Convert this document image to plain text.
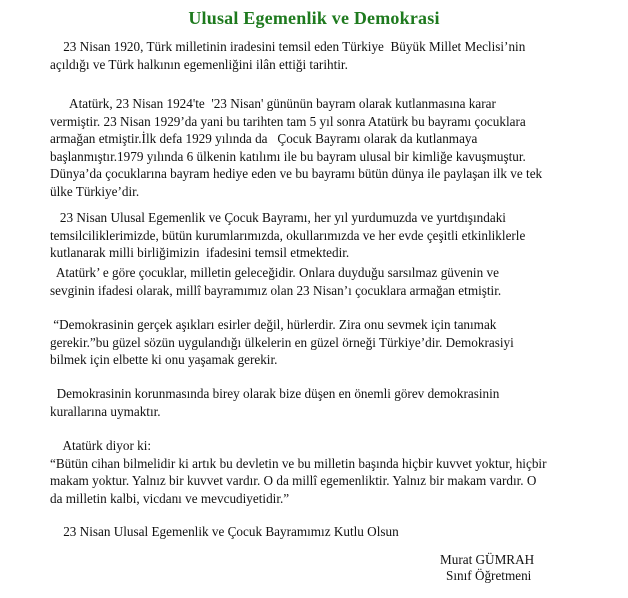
Ulusal Egemenlik ve Demokrasi

23 Nisan 1920, Türk milletinin iradesini temsil eden Türkiye  Büyük Millet Meclisi’nin
açıldığı ve Türk halkının egemenliğini ilân ettiği tarihtir.

Atatürk, 23 Nisan 1924'te  '23 Nisan' gününün bayram olarak kutlanmasına karar
vermiştir. 23 Nisan 1929’da yani bu tarihten tam 5 yıl sonra Atatürk bu bayramı çocuklara
armağan etmiştir.İlk defa 1929 yılında da   Çocuk Bayramı olarak da kutlanmaya
başlanmıştır.1979 yılında 6 ülkenin katılımı ile bu bayram ulusal bir kimliğe kavuşmuştur.
Dünya’da çocuklarına bayram hediye eden ve bu bayramı bütün dünya ile paylaşan ilk ve tek
ülke Türkiye’dir.

23 Nisan Ulusal Egemenlik ve Çocuk Bayramı, her yıl yurdumuzda ve yurtdışındaki
temsilciliklerimizde, bütün kurumlarımızda, okullarımızda ve her evde çeşitli etkinliklerle
kutlanarak milli birliğimizin  ifadesini temsil etmektedir.

Atatürk’ e göre çocuklar, milletin geleceğidir. Onlara duyduğu sarsılmaz güvenin ve
sevginin ifadesi olarak, millî bayramımız olan 23 Nisan’ı çocuklara armağan etmiştir.

“Demokrasinin gerçek aşıkları esirler değil, hürlerdir. Zira onu sevmek için tanımak
gerekir.”bu güzel sözün uygulandığı ülkelerin en güzel örneği Türkiye’dir. Demokrasiyi
bilmek için elbette ki onu yaşamak gerekir.

Demokrasinin korunmasında birey olarak bize düşen en önemli görev demokrasinin
kurallarına uymaktır.

Atatürk diyor ki:
“Bütün cihan bilmelidir ki artık bu devletin ve bu milletin başında hiçbir kuvvet yoktur, hiçbir
makam yoktur. Yalnız bir kuvvet vardır. O da millî egemenliktir. Yalnız bir makam vardır. O
da milletin kalbi, vicdanı ve mevcudiyetidir.”

23 Nisan Ulusal Egemenlik ve Çocuk Bayramımız Kutlu Olsun

Murat GÜMRAH
Sınıf Öğretmeni
